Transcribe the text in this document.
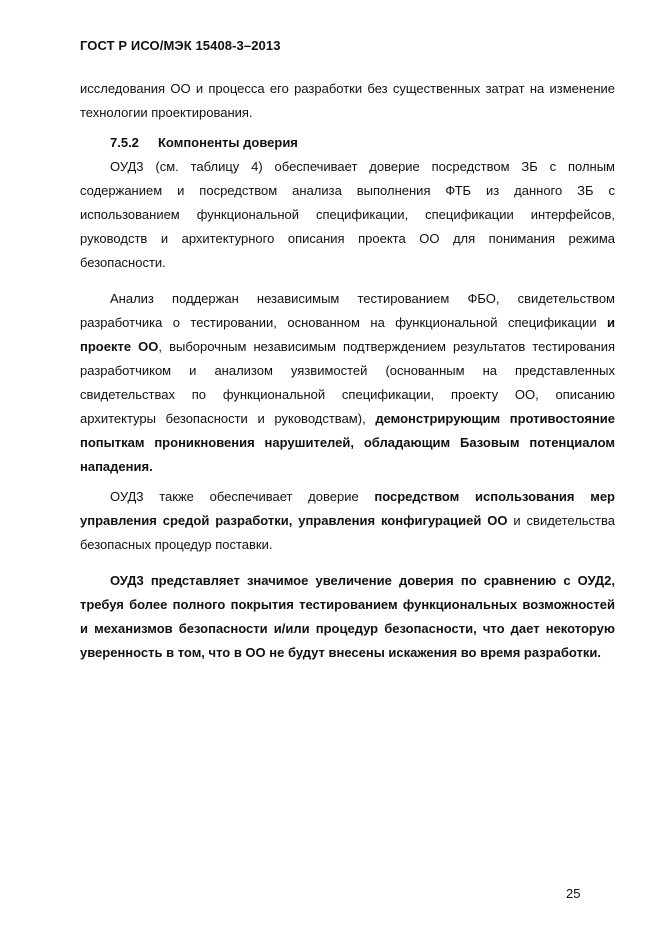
ГОСТ Р ИСО/МЭК 15408-3–2013

исследования ОО и процесса его разработки без существенных затрат на изменение технологии проектирования.

7.5.2 Компоненты доверия

ОУД3 (см. таблицу 4) обеспечивает доверие посредством ЗБ с полным содержанием и посредством анализа выполнения ФТБ из данного ЗБ с использованием функциональной спецификации, спецификации интерфейсов, руководств и архитектурного описания проекта ОО для понимания режима безопасности.

Анализ поддержан независимым тестированием ФБО, свидетельством разработчика о тестировании, основанном на функциональной спецификации и проекте ОО, выборочным независимым подтверждением результатов тестирования разработчиком и анализом уязвимостей (основанным на представленных свидетельствах по функциональной спецификации, проекту ОО, описанию архитектуры безопасности и руководствам), демонстрирующим противостояние попыткам проникновения нарушителей, обладающим Базовым потенциалом нападения.

ОУД3 также обеспечивает доверие посредством использования мер управления средой разработки, управления конфигурацией ОО и свидетельства безопасных процедур поставки.

ОУД3 представляет значимое увеличение доверия по сравнению с ОУД2, требуя более полного покрытия тестированием функциональных возможностей и механизмов безопасности и/или процедур безопасности, что дает некоторую уверенность в том, что в ОО не будут внесены искажения во время разработки.

25
